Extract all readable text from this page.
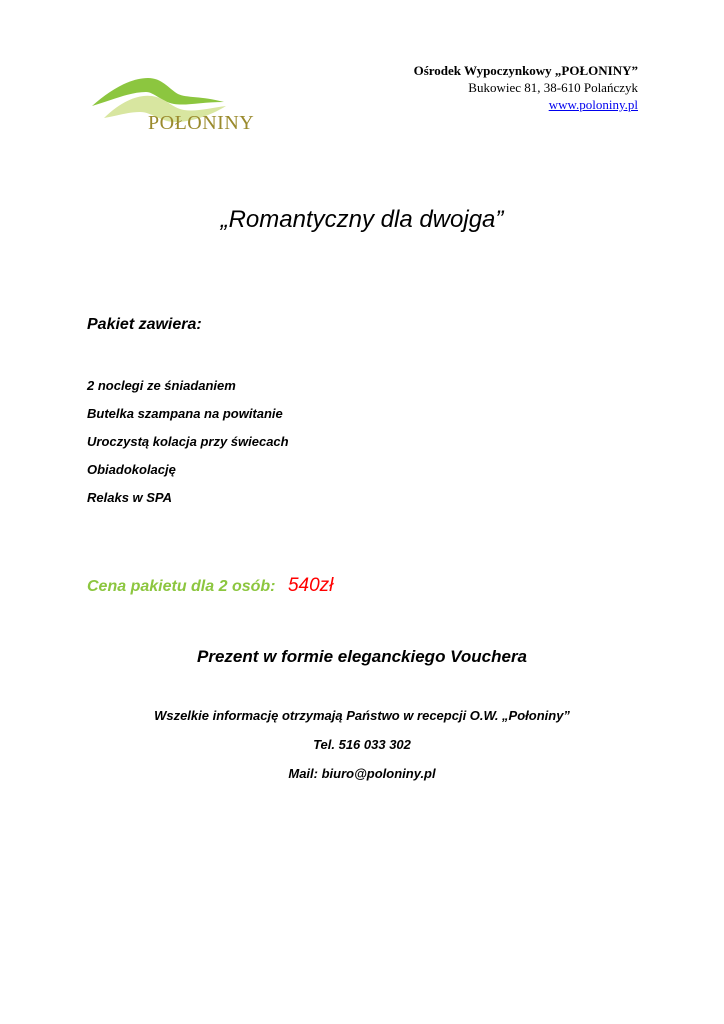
POŁONINY
Ośrodek Wypoczynkowy „POŁONINY”
Bukowiec 81, 38-610 Polańczyk
www.poloniny.pl
„Romantyczny dla dwojga”
Pakiet zawiera:
2 noclegi ze śniadaniem
Butelka szampana na powitanie
Uroczystą kolacja przy świecach
Obiadokolację
Relaks w SPA
Cena pakietu dla 2 osób: 540zł
Prezent w formie eleganckiego Vouchera
Wszelkie informację otrzymają Państwo w recepcji O.W. „Połoniny”
Tel. 516 033 302
Mail: biuro@poloniny.pl
